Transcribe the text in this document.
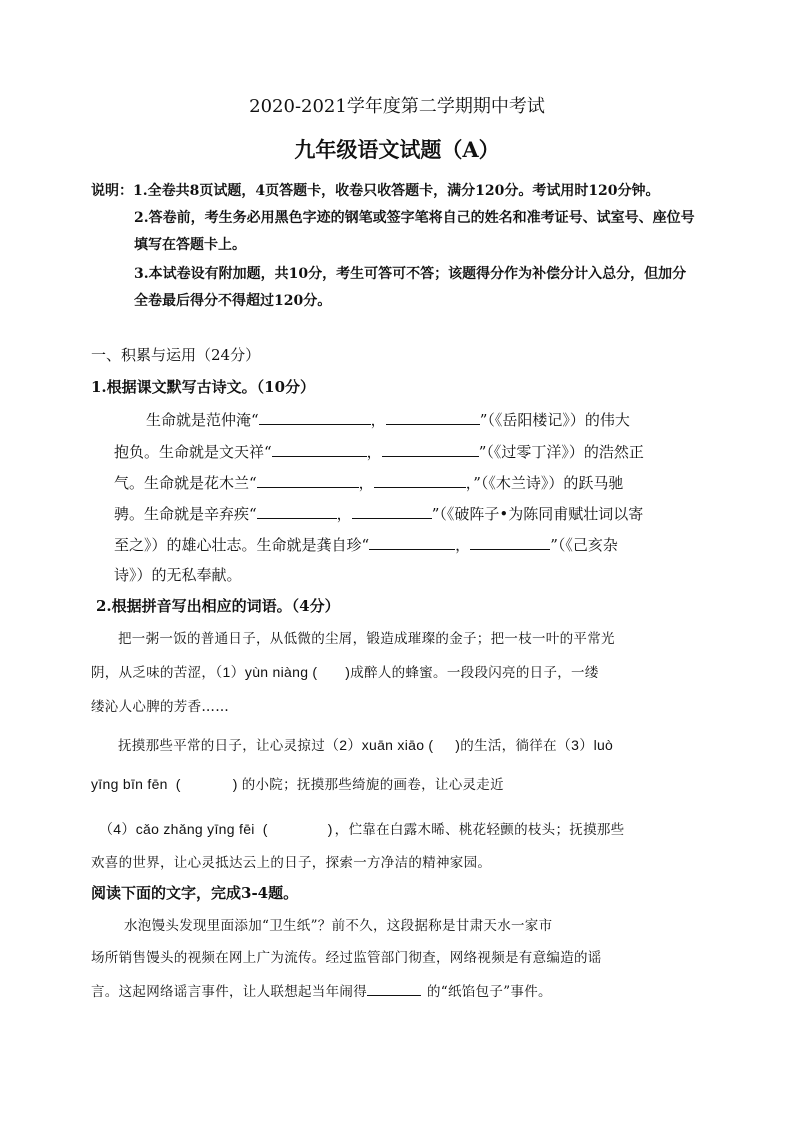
2020-2021学年度第二学期期中考试
九年级语文试题（A）
说明：1.全卷共8页试题，4页答题卡，收卷只收答题卡，满分120分。考试用时120分钟。
2.答卷前，考生务必用黑色字迹的钢笔或签字笔将自己的姓名和准考证号、试室号、座位号
填写在答题卡上。
3.本试卷设有附加题，共10分，考生可答可不答；该题得分作为补偿分计入总分，但加分
全卷最后得分不得超过120分。
一、积累与运用（24分）
1.根据课文默写古诗文。（10分）
生命就是范仲淹“	，	”（《岳阳楼记》）的伟大
抱负。生命就是文天祥“	，	”（《过零丁洋》）的浩然正
气。生命就是花木兰“	，	，”（《木兰诗》）的跃马驰
骋。生命就是辛弃疾“	，	”（《破阵子•为陈同甫赋壮词以寄
至之》）的雄心壮志。生命就是龚自珍“	，	”（《己亥杂
诗》）的无私奉献。
2.根据拼音写出相应的词语。（4分）
把一粥一饭的普通日子，从低微的尘屑，锻造成璀璨的金子；把一枝一叶的平常光
阴，从乏味的苦涩，（1）yùn niàng ( )成醉人的蜂蜜。一段段闪亮的日子，一缕
缕沁人心脾的芳香……
抚摸那些平常的日子，让心灵掠过（2）xuān xiāo ( )的生活，徜徉在（3）luò
yīng bīn fēn (	) 的小院；抚摸那些绮旎的画卷，让心灵走近
（4）cǎo zhǎng yīng fēi (	) ，伫靠在白露木晞、桃花轻颤的枝头；抚摸那些
欢喜的世界，让心灵抵达云上的日子，探索一方净洁的精神家园。
阅读下面的文字，完成3-4题。
水泡馒头发现里面添加“卫生纸”？前不久，这段据称是甘肃天水一家市
场所销售馒头的视频在网上广为流传。经过监管部门彻查，网络视频是有意编造的谣
言。这起网络谣言事件，让人联想起当年闹得	的“纸馅包子”事件。
